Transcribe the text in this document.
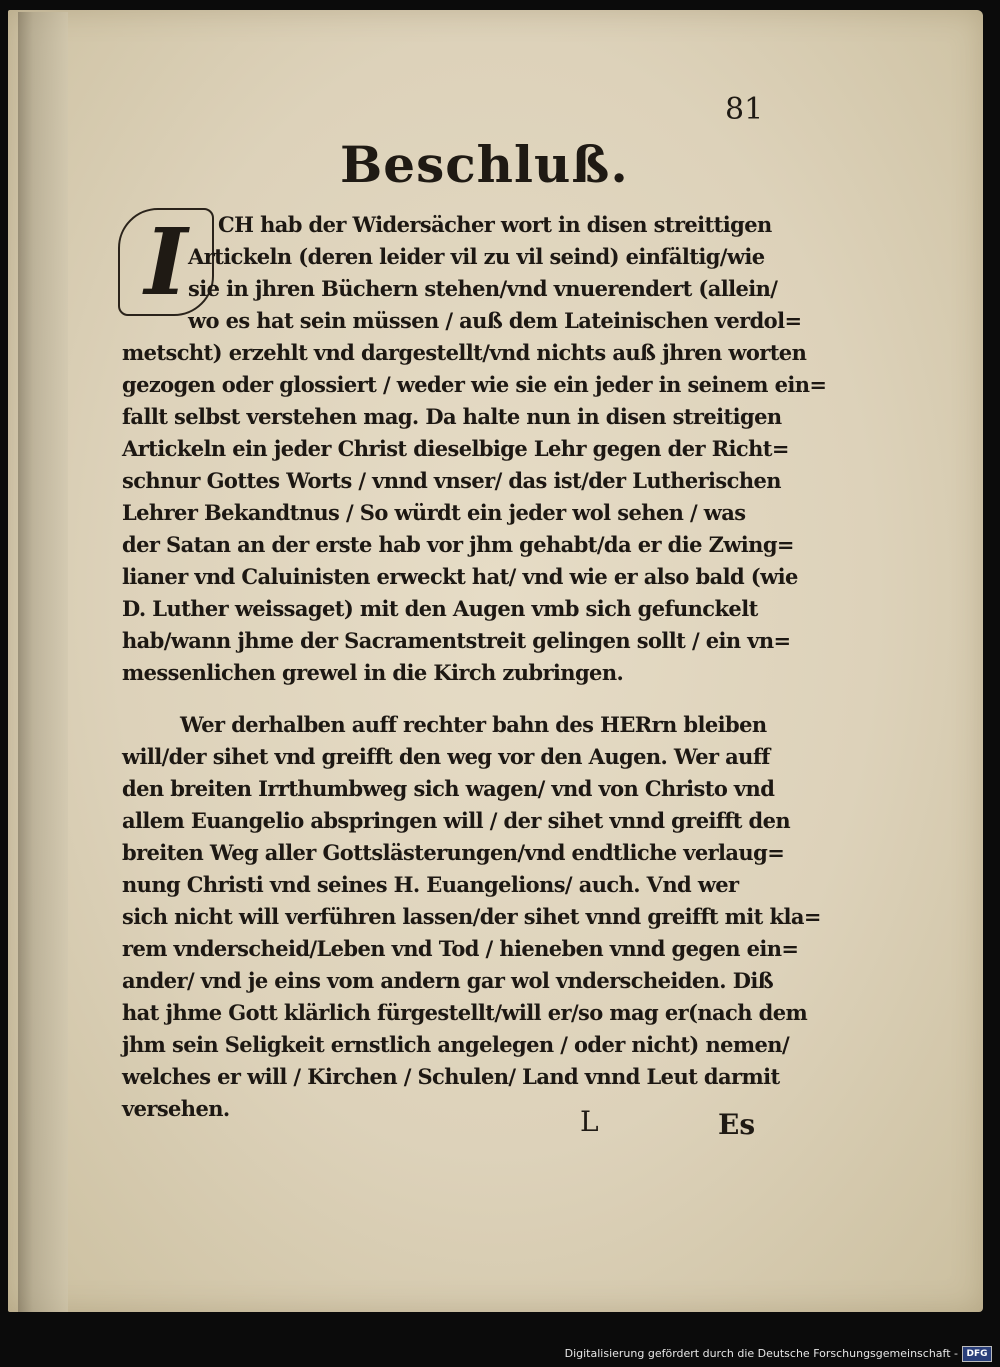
81
Beschluß.
I	CH hab der Widersächer wort in disen streittigen
Artickeln (deren leider vil zu vil seind) einfältig/wie
sie in jhren Büchern stehen/vnd vnuerendert (allein/
wo es hat sein müssen / auß dem Lateinischen verdol=
metscht) erzehlt vnd dargestellt/vnd nichts auß jhren worten
gezogen oder glossiert / weder wie sie ein jeder in seinem ein=
fallt selbst verstehen mag. Da halte nun in disen streitigen
Artickeln ein jeder Christ dieselbige Lehr gegen der Richt=
schnur Gottes Worts / vnnd vnser/ das ist/der Lutherischen
Lehrer Bekandtnus / So würdt ein jeder wol sehen / was
der Satan an der erste hab vor jhm gehabt/da er die Zwing=
lianer vnd Caluinisten erweckt hat/ vnd wie er also bald (wie
D. Luther weissaget) mit den Augen vmb sich gefunckelt
hab/wann jhme der Sacramentstreit gelingen sollt / ein vn=
messenlichen grewel in die Kirch zubringen.
Wer derhalben auff rechter bahn des HERrn bleiben
will/der sihet vnd greifft den weg vor den Augen. Wer auff
den breiten Irrthumbweg sich wagen/ vnd von Christo vnd
allem Euangelio abspringen will / der sihet vnnd greifft den
breiten Weg aller Gottslästerungen/vnd endtliche verlaug=
nung Christi vnd seines H. Euangelions/ auch. Vnd wer
sich nicht will verführen lassen/der sihet vnnd greifft mit kla=
rem vnderscheid/Leben vnd Tod / hieneben vnnd gegen ein=
ander/ vnd je eins vom andern gar wol vnderscheiden. Diß
hat jhme Gott klärlich fürgestellt/will er/so mag er(nach dem
jhm sein Seligkeit ernstlich angelegen / oder nicht) nemen/
welches er will / Kirchen / Schulen/ Land vnnd Leut darmit
versehen.	L	Es
Digitalisierung gefördert durch die Deutsche Forschungsgemeinschaft - DFG
